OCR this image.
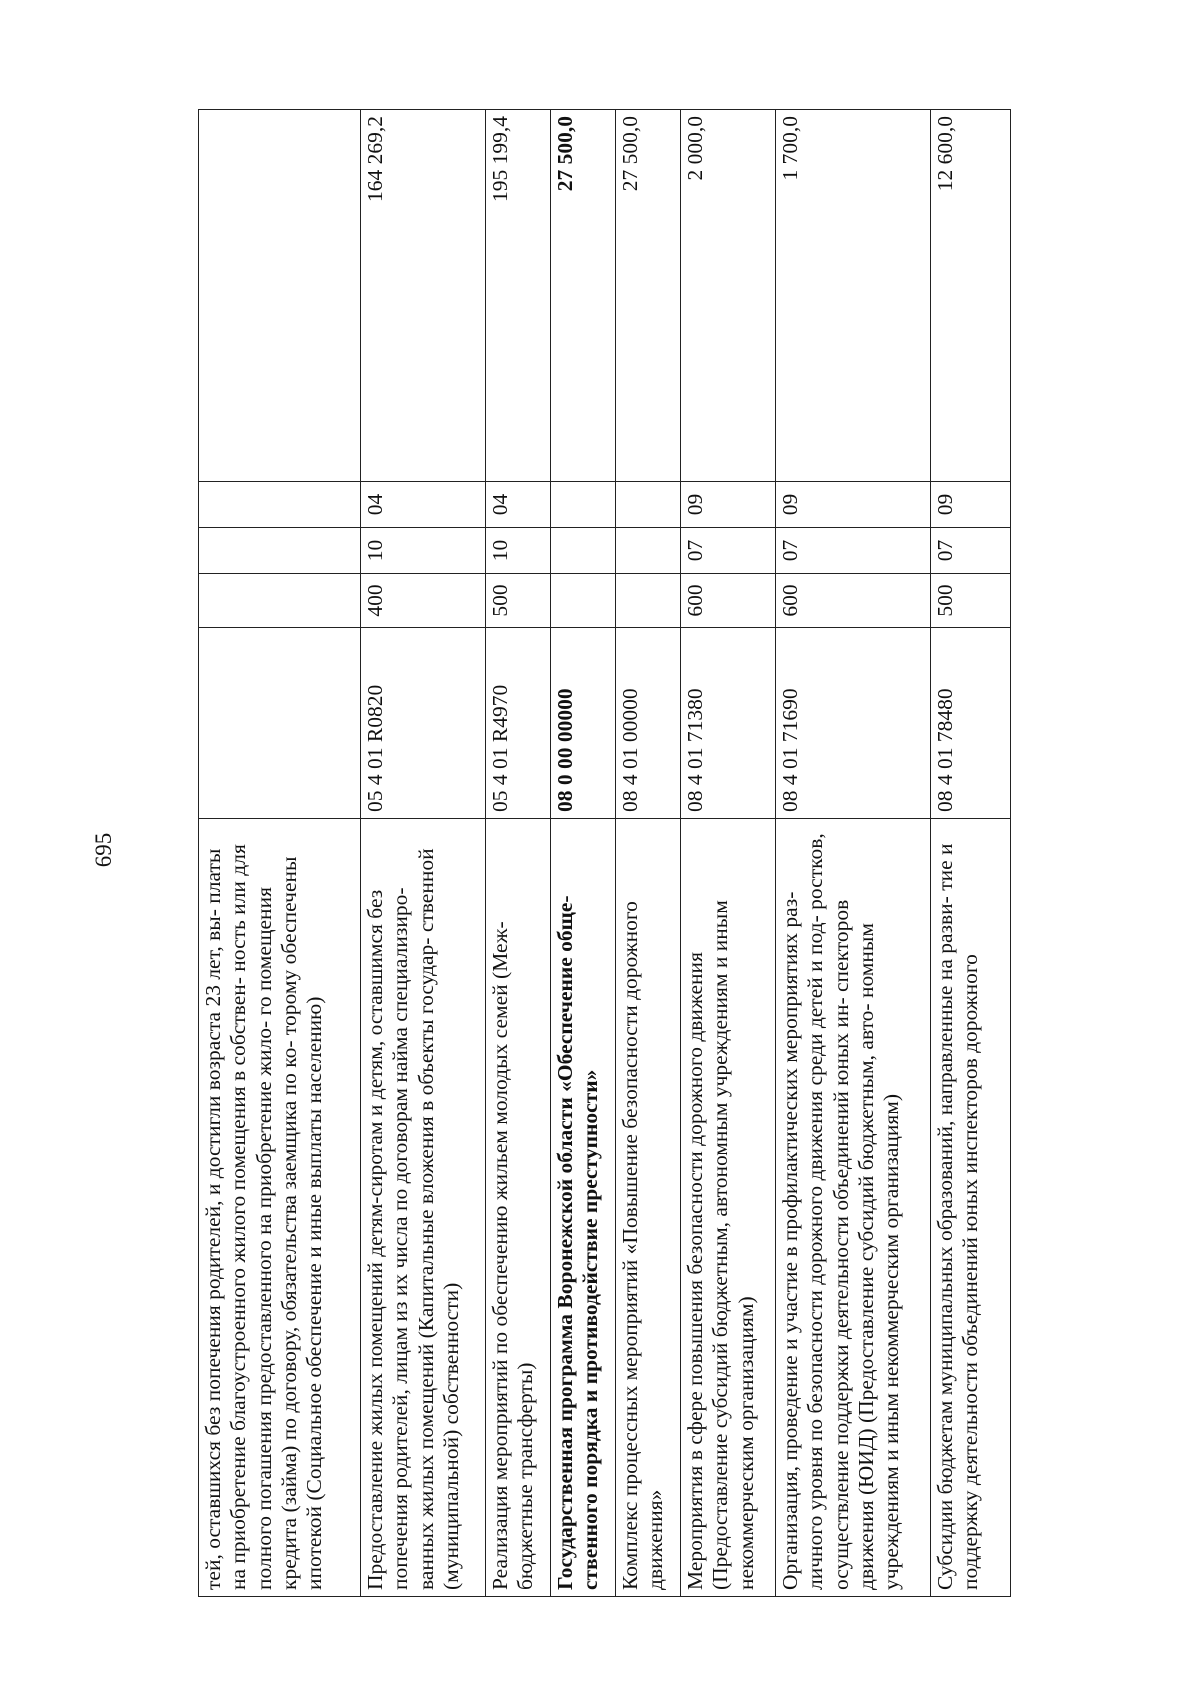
695	тей, оставшихся без попечения родителей, и достигли возраста 23 лет, вы- платы на приобретение благоустроенного жилого помещения в собствен- ность или для полного погашения предоставленного на приобретение жило- го помещения кредита (займа) по договору, обязательства заемщика по ко- торому обеспечены ипотекой (Социальное обеспечение и иные выплаты населению)					
Предоставление жилых помещений детям-сиротам и детям, оставшимся без попечения родителей, лицам из их числа по договорам найма специализиро- ванных жилых помещений (Капитальные вложения в объекты государ- ственной (муниципальной) собственности)	05 4 01 R0820	400	10	04	164 269,2
Реализация мероприятий по обеспечению жильем молодых семей (Меж- бюджетные трансферты)	05 4 01 R4970	500	10	04	195 199,4
Государственная программа Воронежской области «Обеспечение обще- ственного порядка и противодействие преступности»	08 0 00 00000				27 500,0
Комплекс процессных мероприятий «Повышение безопасности дорожного движения»	08 4 01 00000				27 500,0
Мероприятия в сфере повышения безопасности дорожного движения (Предоставление субсидий бюджетным, автономным учреждениям и иным некоммерческим организациям)	08 4 01 71380	600	07	09	2 000,0
Организация, проведение и участие в профилактических мероприятиях раз- личного уровня по безопасности дорожного движения среди детей и под- ростков, осуществление поддержки деятельности объединений юных ин- спекторов движения (ЮИД) (Предоставление субсидий бюджетным, авто- номным учреждениям и иным некоммерческим организациям)	08 4 01 71690	600	07	09	1 700,0
Субсидии бюджетам муниципальных образований, направленные на разви- тие и поддержку деятельности объединений юных инспекторов дорожного	08 4 01 78480	500	07	09	12 600,0
